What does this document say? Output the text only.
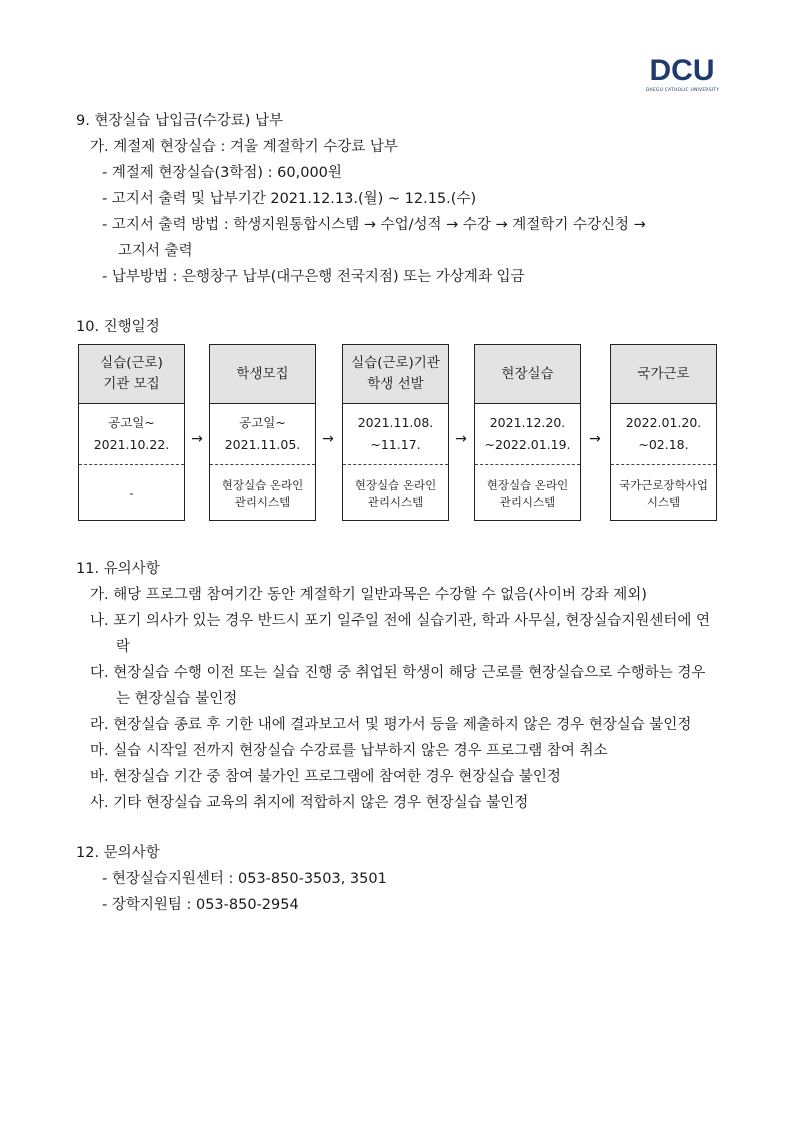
DCU
DAEGU CATHOLIC UNIVERSITY
9. 현장실습 납입금(수강료) 납부
가. 계절제 현장실습 : 겨울 계절학기 수강료 납부
- 계절제 현장실습(3학점) : 60,000원
- 고지서 출력 및 납부기간 2021.12.13.(월) ~ 12.15.(수)
- 고지서 출력 방법 : 학생지원통합시스템 → 수업/성적 → 수강 → 계절학기 수강신청 →
고지서 출력
- 납부방법 : 은행창구 납부(대구은행 전국지점) 또는 가상계좌 입금
10. 진행일정
실습(근로)
기관 모집
공고일~
2021.10.22.
-
→
학생모집
공고일~
2021.11.05.
현장실습 온라인
관리시스템
→
실습(근로)기관
학생 선발
2021.11.08.
~11.17.
현장실습 온라인
관리시스템
→
현장실습
2021.12.20.
~2022.01.19.
현장실습 온라인
관리시스템
→
국가근로
2022.01.20.
~02.18.
국가근로장학사업
시스템
11. 유의사항
가. 해당 프로그램 참여기간 동안 계절학기 일반과목은 수강할 수 없음(사이버 강좌 제외)
나. 포기 의사가 있는 경우 반드시 포기 일주일 전에 실습기관, 학과 사무실, 현장실습지원센터에 연락
다. 현장실습 수행 이전 또는 실습 진행 중 취업된 학생이 해당 근로를 현장실습으로 수행하는 경우는 현장실습 불인정
라. 현장실습 종료 후 기한 내에 결과보고서 및 평가서 등을 제출하지 않은 경우 현장실습 불인정
마. 실습 시작일 전까지 현장실습 수강료를 납부하지 않은 경우 프로그램 참여 취소
바. 현장실습 기간 중 참여 불가인 프로그램에 참여한 경우 현장실습 불인정
사. 기타 현장실습 교육의 취지에 적합하지 않은 경우 현장실습 불인정
12. 문의사항
- 현장실습지원센터 : 053-850-3503, 3501
- 장학지원팀 : 053-850-2954
